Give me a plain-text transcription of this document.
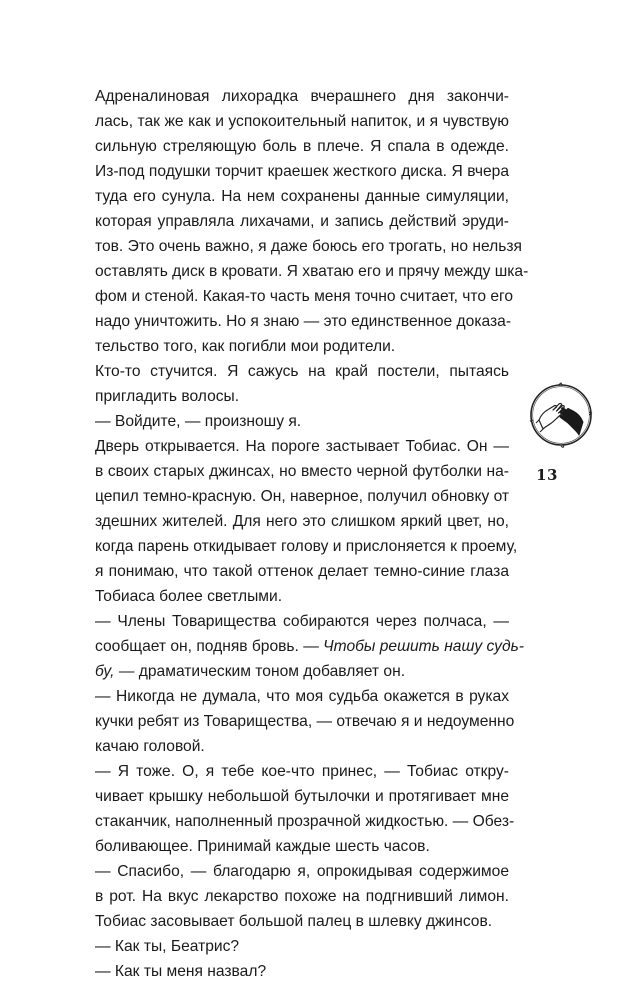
Адреналиновая лихорадка вчерашнего дня закончи-
лась, так же как и успокоительный напиток, и я чувствую
сильную стреляющую боль в плече. Я спала в одежде.
Из-под подушки торчит краешек жесткого диска. Я вчера
туда его сунула. На нем сохранены данные симуляции,
которая управляла лихачами, и запись действий эруди-
тов. Это очень важно, я даже боюсь его трогать, но нельзя
оставлять диск в кровати. Я хватаю его и прячу между шка-
фом и стеной. Какая-то часть меня точно считает, что его
надо уничтожить. Но я знаю — это единственное доказа-
тельство того, как погибли мои родители.
Кто-то стучится. Я сажусь на край постели, пытаясь
пригладить волосы.
— Войдите, — произношу я.
Дверь открывается. На пороге застывает Тобиас. Он —
в своих старых джинсах, но вместо черной футболки на-
цепил темно-красную. Он, наверное, получил обновку от
здешних жителей. Для него это слишком яркий цвет, но,
когда парень откидывает голову и прислоняется к проему,
я понимаю, что такой оттенок делает темно-синие глаза
Тобиаса более светлыми.
— Члены Товарищества собираются через полчаса, —
сообщает он, подняв бровь. — Чтобы решить нашу судь-
бу, — драматическим тоном добавляет он.
— Никогда не думала, что моя судьба окажется в руках
кучки ребят из Товарищества, — отвечаю я и недоуменно
качаю головой.
— Я тоже. О, я тебе кое-что принес, — Тобиас откру-
чивает крышку небольшой бутылочки и протягивает мне
стаканчик, наполненный прозрачной жидкостью. — Обез-
боливающее. Принимай каждые шесть часов.
— Спасибо, — благодарю я, опрокидывая содержимое
в рот. На вкус лекарство похоже на подгнивший лимон.
Тобиас засовывает большой палец в шлевку джинсов.
— Как ты, Беатрис?
— Как ты меня назвал?
13
